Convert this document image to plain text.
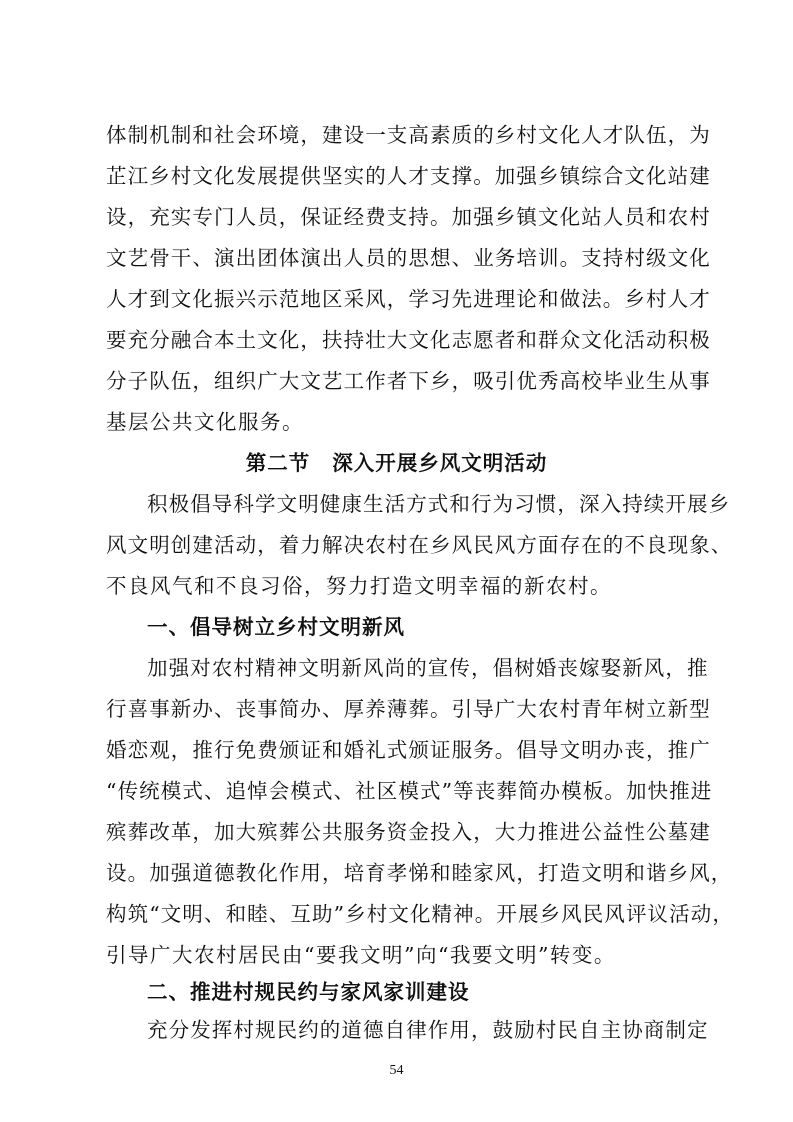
体制机制和社会环境，建设一支高素质的乡村文化人才队伍，为
芷江乡村文化发展提供坚实的人才支撑。加强乡镇综合文化站建
设，充实专门人员，保证经费支持。加强乡镇文化站人员和农村
文艺骨干、演出团体演出人员的思想、业务培训。支持村级文化
人才到文化振兴示范地区采风，学习先进理论和做法。乡村人才
要充分融合本土文化，扶持壮大文化志愿者和群众文化活动积极
分子队伍，组织广大文艺工作者下乡，吸引优秀高校毕业生从事
基层公共文化服务。
第二节 深入开展乡风文明活动
积极倡导科学文明健康生活方式和行为习惯，深入持续开展乡
风文明创建活动，着力解决农村在乡风民风方面存在的不良现象、
不良风气和不良习俗，努力打造文明幸福的新农村。
一、倡导树立乡村文明新风
加强对农村精神文明新风尚的宣传，倡树婚丧嫁娶新风，推
行喜事新办、丧事简办、厚养薄葬。引导广大农村青年树立新型
婚恋观，推行免费颁证和婚礼式颁证服务。倡导文明办丧，推广
“传统模式、追悼会模式、社区模式”等丧葬简办模板。加快推进
殡葬改革，加大殡葬公共服务资金投入，大力推进公益性公墓建
设。加强道德教化作用，培育孝悌和睦家风，打造文明和谐乡风，
构筑“文明、和睦、互助”乡村文化精神。开展乡风民风评议活动，
引导广大农村居民由“要我文明”向“我要文明”转变。
二、推进村规民约与家风家训建设
充分发挥村规民约的道德自律作用，鼓励村民自主协商制定
54
